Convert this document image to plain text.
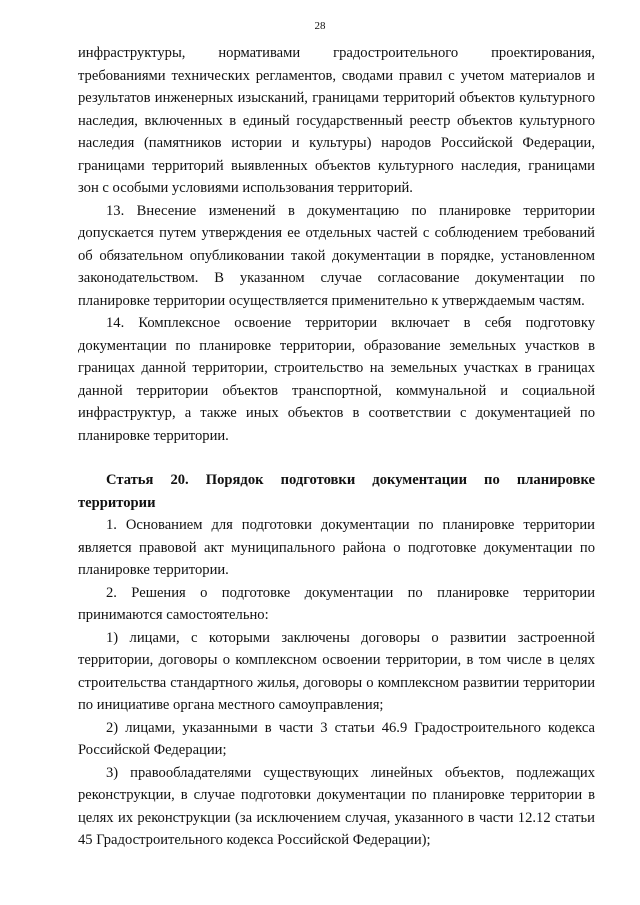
28

инфраструктуры, нормативами градостроительного проектирования, требованиями технических регламентов, сводами правил с учетом материалов и результатов инженерных изысканий, границами территорий объектов культурного наследия, включенных в единый государственный реестр объектов культурного наследия (памятников истории и культуры) народов Российской Федерации, границами территорий выявленных объектов культурного наследия, границами зон с особыми условиями использования территорий.

13. Внесение изменений в документацию по планировке территории допускается путем утверждения ее отдельных частей с соблюдением требований об обязательном опубликовании такой документации в порядке, установленном законодательством. В указанном случае согласование документации по планировке территории осуществляется применительно к утверждаемым частям.

14. Комплексное освоение территории включает в себя подготовку документации по планировке территории, образование земельных участков в границах данной территории, строительство на земельных участках в границах данной территории объектов транспортной, коммунальной и социальной инфраструктур, а также иных объектов в соответствии с документацией по планировке территории.

Статья 20. Порядок подготовки документации по планировке территории

1. Основанием для подготовки документации по планировке территории является правовой акт муниципального района о подготовке документации по планировке территории.

2. Решения о подготовке документации по планировке территории принимаются самостоятельно:

1) лицами, с которыми заключены договоры о развитии застроенной территории, договоры о комплексном освоении территории, в том числе в целях строительства стандартного жилья, договоры о комплексном развитии территории по инициативе органа местного самоуправления;

2) лицами, указанными в части 3 статьи 46.9 Градостроительного кодекса Российской Федерации;

3) правообладателями существующих линейных объектов, подлежащих реконструкции, в случае подготовки документации по планировке территории в целях их реконструкции (за исключением случая, указанного в части 12.12 статьи 45 Градостроительного кодекса Российской Федерации);
